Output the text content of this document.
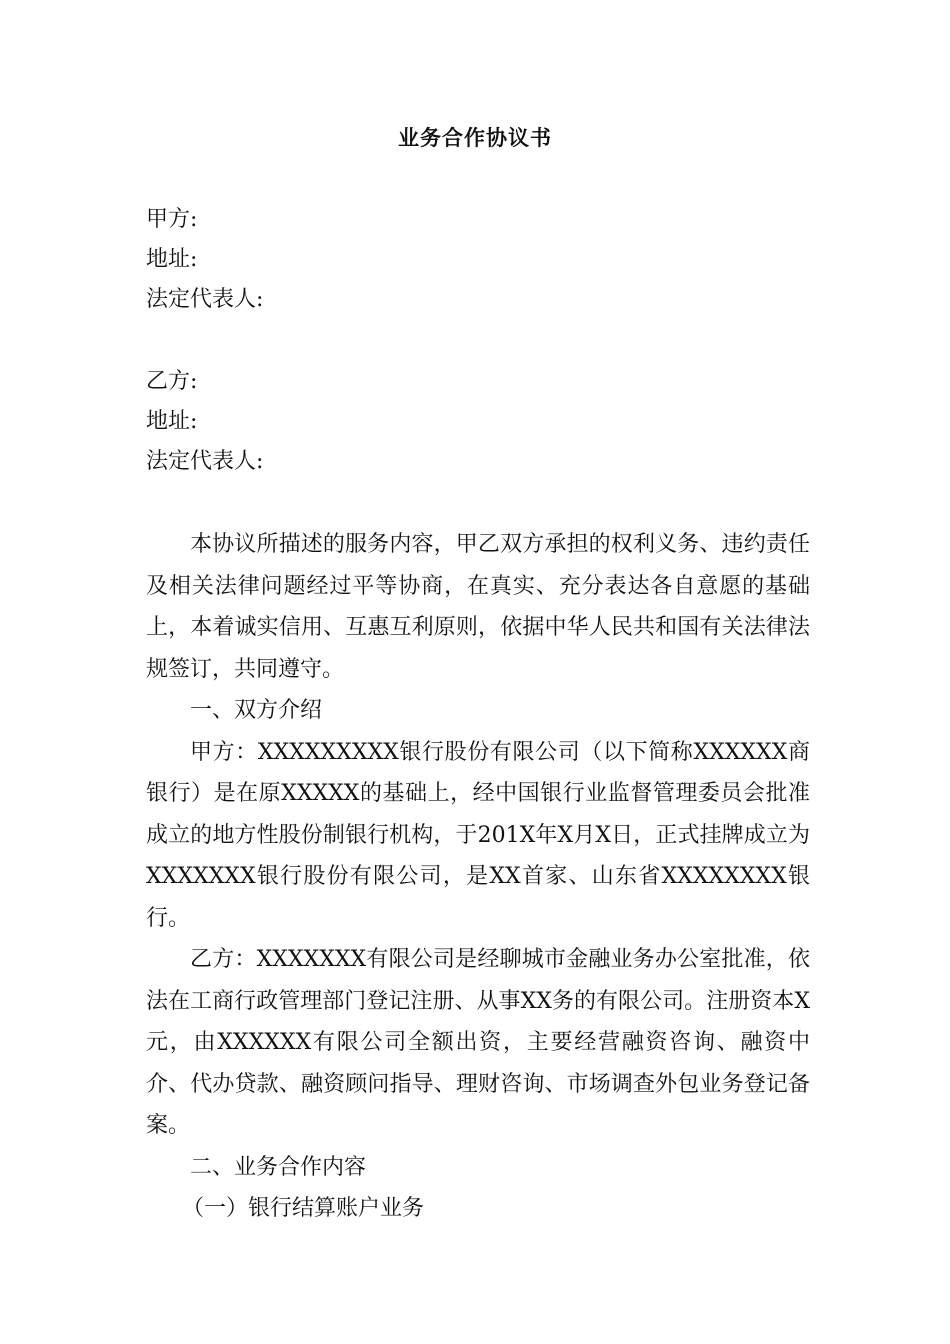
业务合作协议书
甲方:
地址:
法定代表人:
乙方:
地址:
法定代表人:

本协议所描述的服务内容，甲乙双方承担的权利义务、违约责任及相关法律问题经过平等协商，在真实、充分表达各自意愿的基础上，本着诚实信用、互惠互利原则，依据中华人民共和国有关法律法规签订，共同遵守。

一、双方介绍

甲方：XXXXXXXXX银行股份有限公司（以下简称XXXXXX商银行）是在原XXXXX的基础上，经中国银行业监督管理委员会批准成立的地方性股份制银行机构，于201X年X月X日，正式挂牌成立为XXXXXXX银行股份有限公司，是XX首家、山东省XXXXXXXX银行。

乙方：XXXXXXX有限公司是经聊城市金融业务办公室批准，依法在工商行政管理部门登记注册、从事XX务的有限公司。注册资本X元，由XXXXXX有限公司全额出资，主要经营融资咨询、融资中介、代办贷款、融资顾问指导、理财咨询、市场调查外包业务登记备案。

二、业务合作内容

（一）银行结算账户业务
